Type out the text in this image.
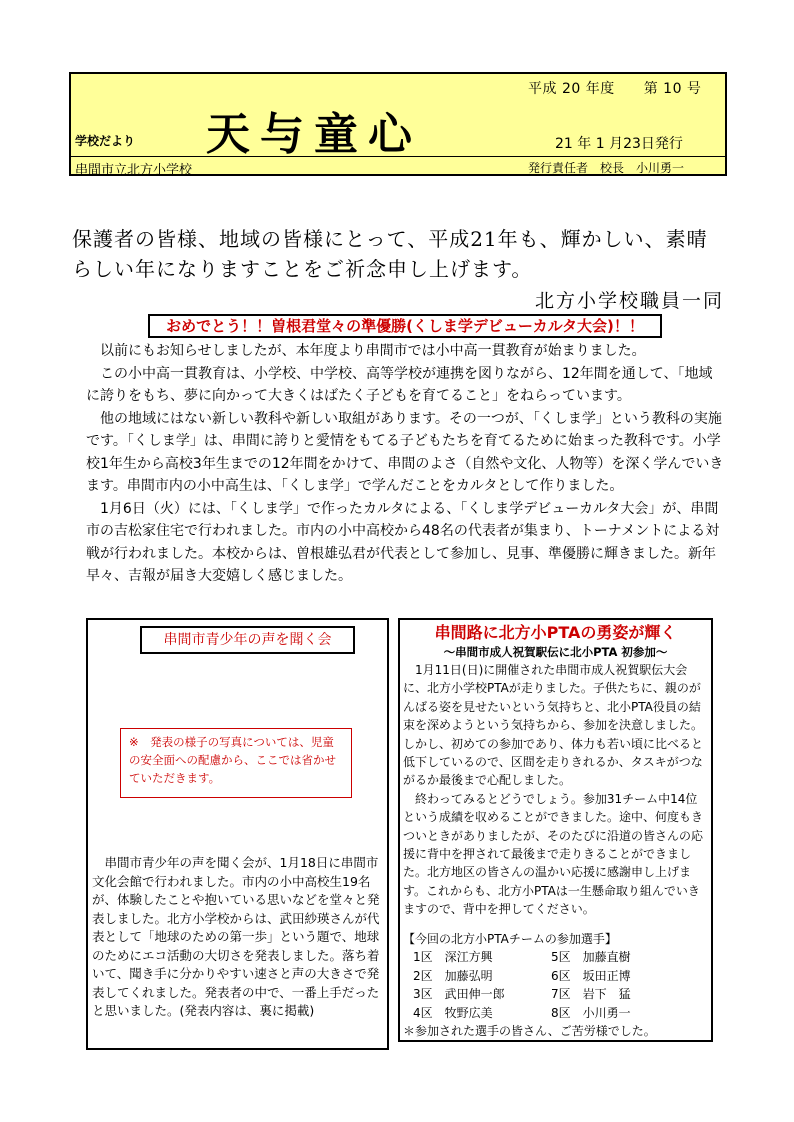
平成 20 年度　　第 10 号
学校だより 天与童心	21 年 1 月23日発行
串間市立北方小学校	発行責任者　校長　小川勇一
保護者の皆様、地域の皆様にとって、平成21年も、輝かしい、素晴らしい年になりますことをご祈念申し上げます。
北方小学校職員一同
おめでとう！！曽根君堂々の準優勝(くしま学デビューカルタ大会)！！

以前にもお知らせしましたが、本年度より串間市では小中高一貫教育が始まりました。

この小中高一貫教育は、小学校、中学校、高等学校が連携を図りながら、12年間を通して、「地域に誇りをもち、夢に向かって大きくはばたく子どもを育てること」をねらっています。

他の地域にはない新しい教科や新しい取組があります。その一つが、「くしま学」という教科の実施です。「くしま学」は、串間に誇りと愛情をもてる子どもたちを育てるために始まった教科です。小学校1年生から高校3年生までの12年間をかけて、串間のよさ（自然や文化、人物等）を深く学んでいきます。串間市内の小中高生は、「くしま学」で学んだことをカルタとして作りました。

1月6日（火）には、「くしま学」で作ったカルタによる、「くしま学デビューカルタ大会」が、串間市の吉松家住宅で行われました。市内の小中高校から48名の代表者が集まり、トーナメントによる対戦が行われました。本校からは、曽根雄弘君が代表として参加し、見事、準優勝に輝きました。新年早々、吉報が届き大変嬉しく感じました。

串間市青少年の声を聞く会
※　発表の様子の写真については、児童の安全面への配慮から、ここでは省かせていただきます。

串間市青少年の声を聞く会が、1月18日に串間市文化会館で行われました。市内の小中高校生19名が、体験したことや抱いている思いなどを堂々と発表しました。北方小学校からは、武田紗瑛さんが代表として「地球のための第一歩」という題で、地球のためにエコ活動の大切さを発表しました。落ち着いて、聞き手に分かりやすい速さと声の大きさで発表してくれました。発表者の中で、一番上手だったと思いました。(発表内容は、裏に掲載)

串間路に北方小PTAの勇姿が輝く
～串間市成人祝賀駅伝に北小PTA 初参加～

1月11日(日)に開催された串間市成人祝賀駅伝大会に、北方小学校PTAが走りました。子供たちに、親のがんばる姿を見せたいという気持ちと、北小PTA役員の結束を深めようという気持ちから、参加を決意しました。しかし、初めての参加であり、体力も若い頃に比べると低下しているので、区間を走りきれるか、タスキがつながるか最後まで心配しました。

終わってみるとどうでしょう。参加31チーム中14位という成績を収めることができました。途中、何度もきついときがありましたが、そのたびに沿道の皆さんの応援に背中を押されて最後まで走りきることができました。北方地区の皆さんの温かい応援に感謝申し上げます。これからも、北方小PTAは一生懸命取り組んでいきますので、背中を押してください。

【今回の北方小PTAチームの参加選手】
1区　深江方興	5区　加藤直樹
2区　加藤弘明	6区　坂田正博
3区　武田伸一郎	7区　岩下　猛
4区　牧野広美	8区　小川勇一

＊参加された選手の皆さん、ご苦労様でした。
